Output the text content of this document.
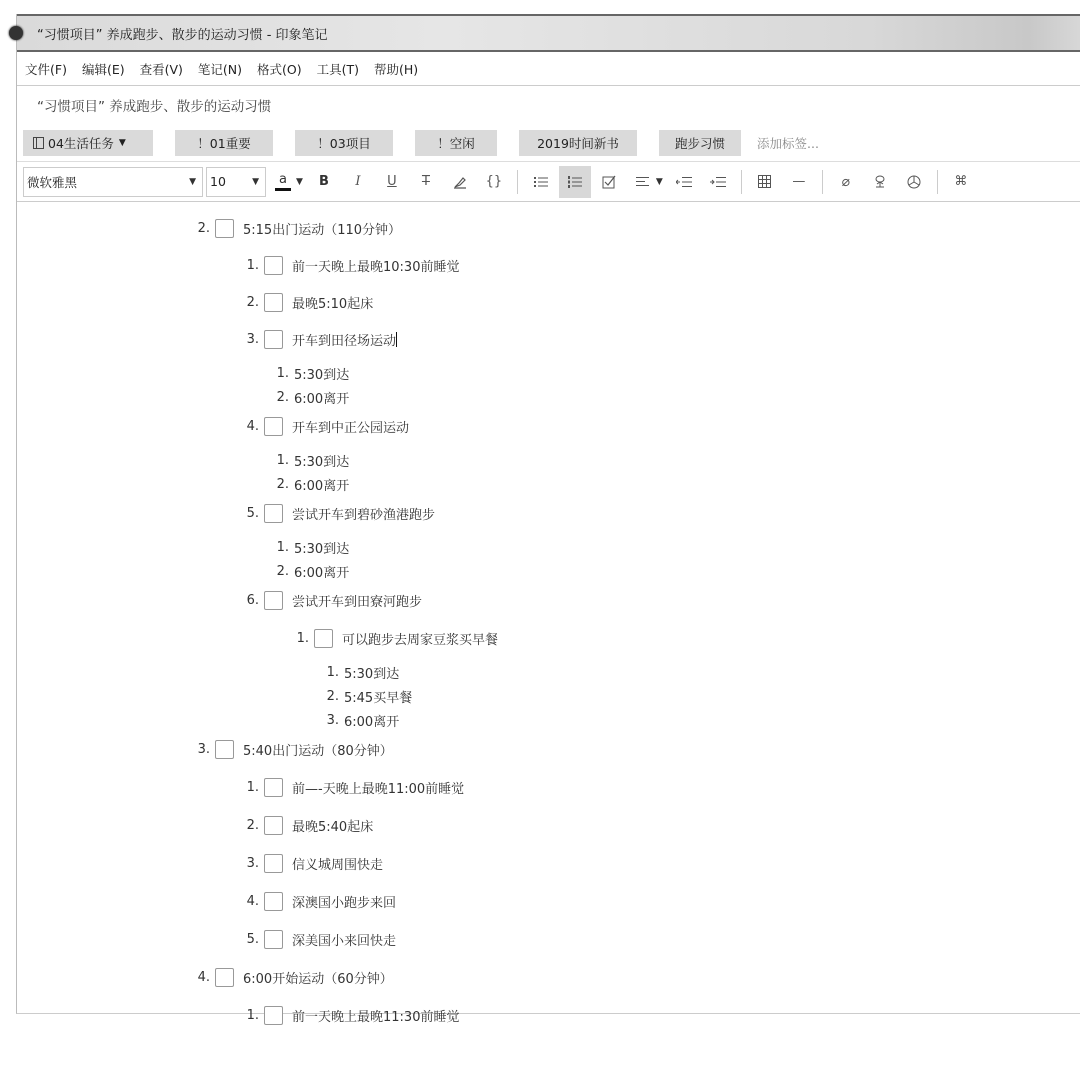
“习惯项目” 养成跑步、散步的运动习惯 - 印象笔记
文件(F) 编辑(E) 查看(V) 笔记(N) 格式(O) 工具(T) 帮助(H)
“习惯项目” 养成跑步、散步的运动习惯
04生活任务 ▼	！01重要	！03项目	！空闲	2019时间新书	跑步习惯	添加标签...
微软雅黑	▼ 10	▼ a ▼	B	I	U	T	{}	▼	—	⌀	⌘
2.	5:15出门运动（110分钟）
1.	前一天晚上最晚10:30前睡觉
2.	最晚5:10起床
3.	开车到田径场运动
1. 5:30到达
2. 6:00离开
4.	开车到中正公园运动
1. 5:30到达
2. 6:00离开
5.	尝试开车到碧砂渔港跑步
1. 5:30到达
2. 6:00离开
6.	尝试开车到田寮河跑步
1.	可以跑步去周家豆浆买早餐
1. 5:30到达
2. 5:45买早餐
3. 6:00离开
3.	5:40出门运动（80分钟）
1.	前—-天晚上最晚11:00前睡觉
2.	最晚5:40起床
3.	信义城周围快走
4.	深澳国小跑步来回
5.	深美国小来回快走
4.	6:00开始运动（60分钟）
1.	前一天晚上最晚11:30前睡觉
